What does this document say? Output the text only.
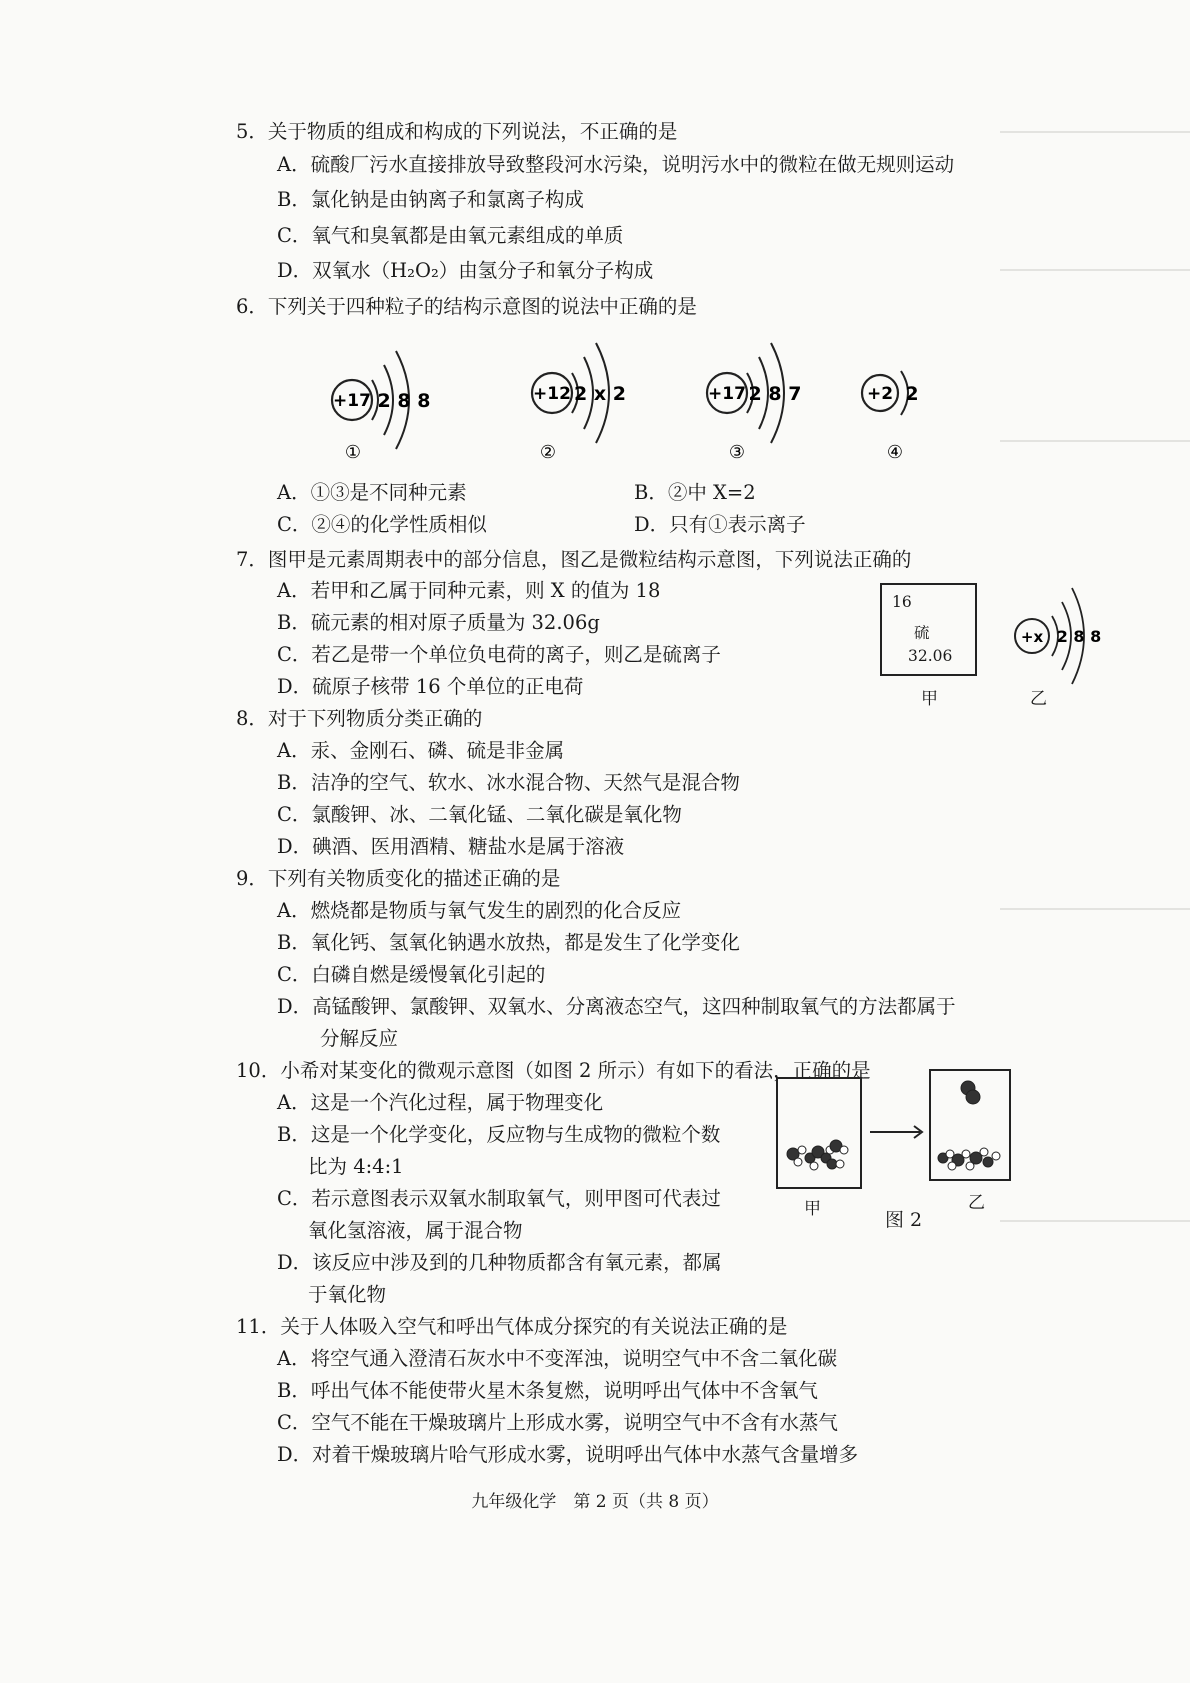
5．关于物质的组成和构成的下列说法，不正确的是
A．硫酸厂污水直接排放导致整段河水污染，说明污水中的微粒在做无规则运动
B．氯化钠是由钠离子和氯离子构成
C．氧气和臭氧都是由氧元素组成的单质
D．双氧水（H₂O₂）由氢分子和氧分子构成
6．下列关于四种粒子的结构示意图的说法中正确的是
+17 2 8 8
①
+12 2 x 2
②
+17 2 8 7
③
+2 2
④
A．①③是不同种元素	B．②中 X=2
C．②④的化学性质相似	D．只有①表示离子
7．图甲是元素周期表中的部分信息，图乙是微粒结构示意图，下列说法正确的
A．若甲和乙属于同种元素，则 X 的值为 18
B．硫元素的相对原子质量为 32.06g
C．若乙是带一个单位负电荷的离子，则乙是硫离子
D．硫原子核带 16 个单位的正电荷
16
硫
32.06
甲
+x 2 8 8
乙
8．对于下列物质分类正确的
A．汞、金刚石、磷、硫是非金属
B．洁净的空气、软水、冰水混合物、天然气是混合物
C．氯酸钾、冰、二氧化锰、二氧化碳是氧化物
D．碘酒、医用酒精、糖盐水是属于溶液
9．下列有关物质变化的描述正确的是
A．燃烧都是物质与氧气发生的剧烈的化合反应
B．氧化钙、氢氧化钠遇水放热，都是发生了化学变化
C．白磷自燃是缓慢氧化引起的
D．高锰酸钾、氯酸钾、双氧水、分离液态空气，这四种制取氧气的方法都属于
分解反应
10．小希对某变化的微观示意图（如图 2 所示）有如下的看法，正确的是
A．这是一个汽化过程，属于物理变化
B．这是一个化学变化，反应物与生成物的微粒个数
比为 4:4:1
C．若示意图表示双氧水制取氧气，则甲图可代表过
氧化氢溶液，属于混合物
D．该反应中涉及到的几种物质都含有氧元素，都属
于氧化物
甲	乙
图 2
11．关于人体吸入空气和呼出气体成分探究的有关说法正确的是
A．将空气通入澄清石灰水中不变浑浊，说明空气中不含二氧化碳
B．呼出气体不能使带火星木条复燃，说明呼出气体中不含氧气
C．空气不能在干燥玻璃片上形成水雾，说明空气中不含有水蒸气
D．对着干燥玻璃片哈气形成水雾，说明呼出气体中水蒸气含量增多
九年级化学　第 2 页（共 8 页）
